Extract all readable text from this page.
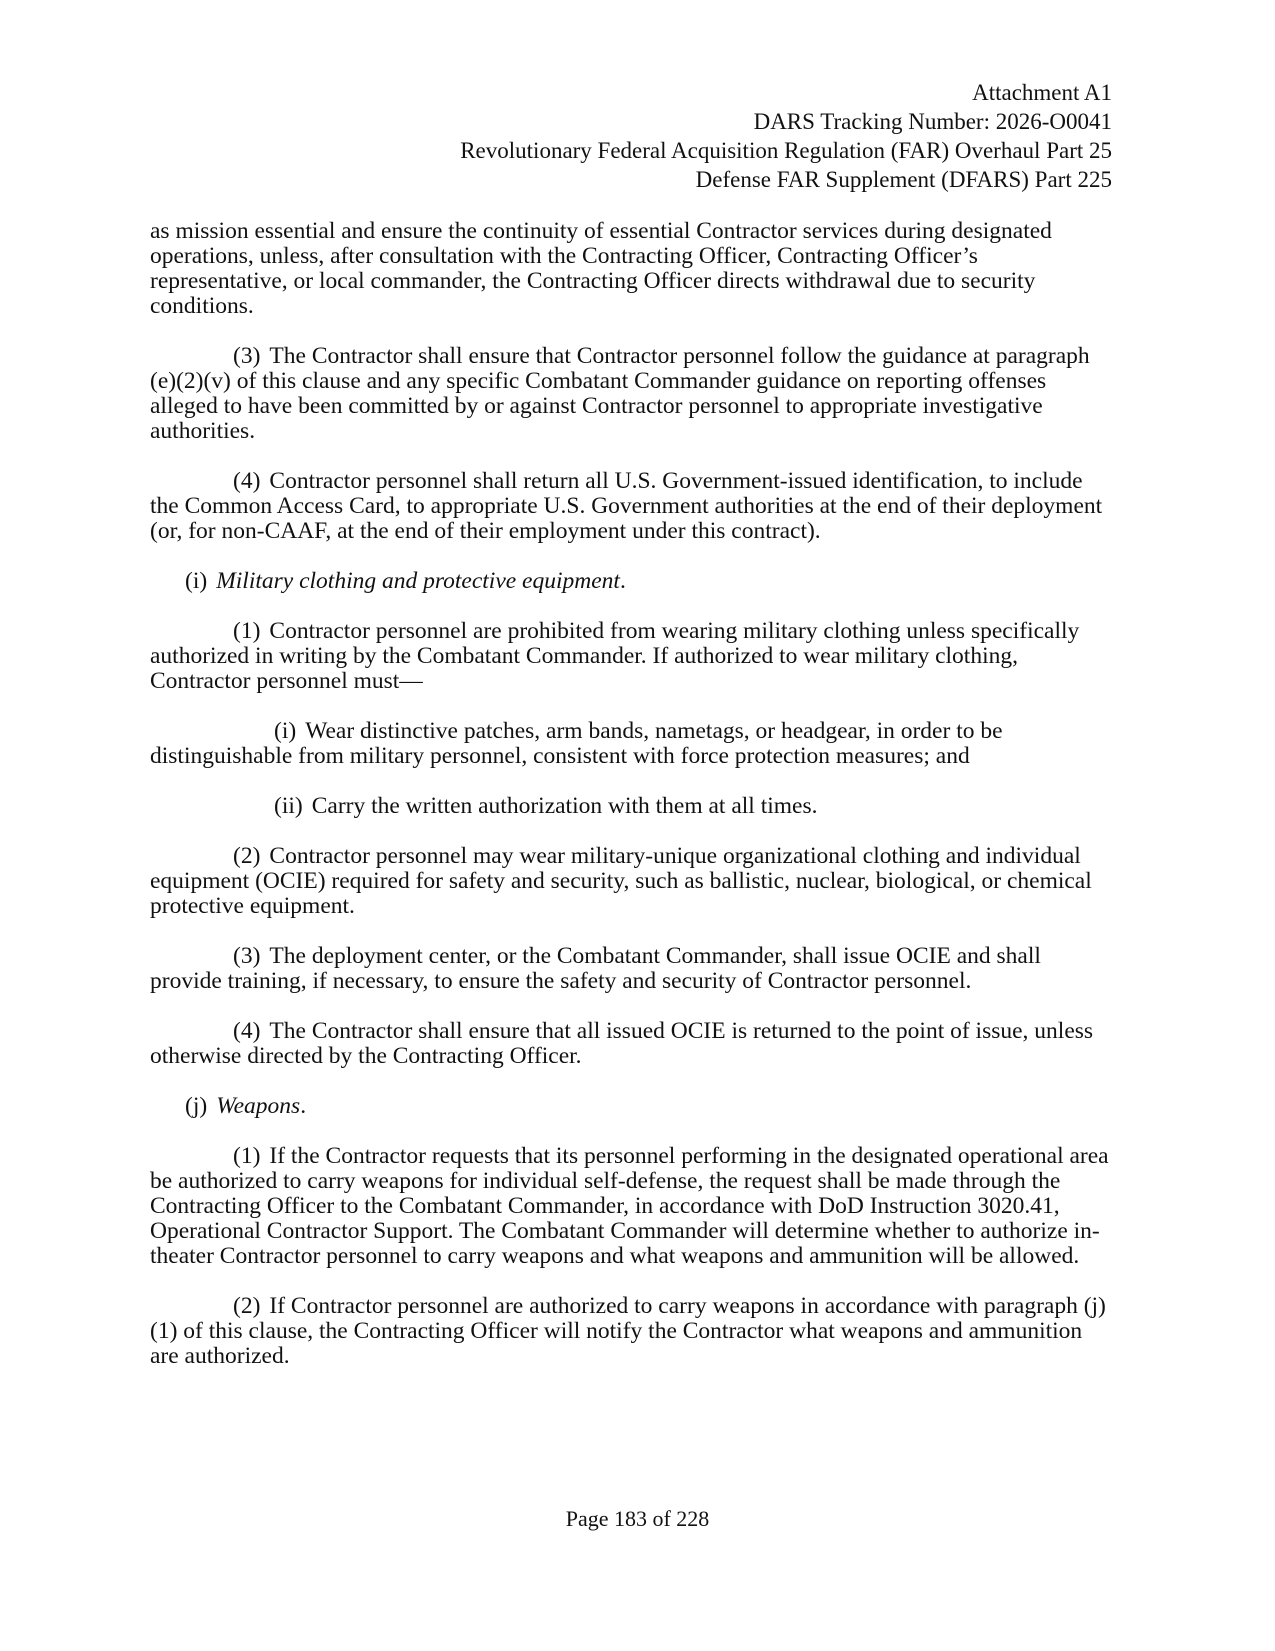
Attachment A1
DARS Tracking Number: 2026-O0041
Revolutionary Federal Acquisition Regulation (FAR) Overhaul Part 25
Defense FAR Supplement (DFARS) Part 225

as mission essential and ensure the continuity of essential Contractor services during designated operations, unless, after consultation with the Contracting Officer, Contracting Officer’s representative, or local commander, the Contracting Officer directs withdrawal due to security conditions.

(3) The Contractor shall ensure that Contractor personnel follow the guidance at paragraph (e)(2)(v) of this clause and any specific Combatant Commander guidance on reporting offenses alleged to have been committed by or against Contractor personnel to appropriate investigative authorities.

(4) Contractor personnel shall return all U.S. Government-issued identification, to include the Common Access Card, to appropriate U.S. Government authorities at the end of their deployment (or, for non-CAAF, at the end of their employment under this contract).

(i) Military clothing and protective equipment.

(1) Contractor personnel are prohibited from wearing military clothing unless specifically authorized in writing by the Combatant Commander. If authorized to wear military clothing, Contractor personnel must—

(i) Wear distinctive patches, arm bands, nametags, or headgear, in order to be distinguishable from military personnel, consistent with force protection measures; and

(ii) Carry the written authorization with them at all times.

(2) Contractor personnel may wear military-unique organizational clothing and individual equipment (OCIE) required for safety and security, such as ballistic, nuclear, biological, or chemical protective equipment.

(3) The deployment center, or the Combatant Commander, shall issue OCIE and shall provide training, if necessary, to ensure the safety and security of Contractor personnel.

(4) The Contractor shall ensure that all issued OCIE is returned to the point of issue, unless otherwise directed by the Contracting Officer.

(j) Weapons.

(1) If the Contractor requests that its personnel performing in the designated operational area be authorized to carry weapons for individual self-defense, the request shall be made through the Contracting Officer to the Combatant Commander, in accordance with DoD Instruction 3020.41, Operational Contractor Support. The Combatant Commander will determine whether to authorize in-theater Contractor personnel to carry weapons and what weapons and ammunition will be allowed.

(2) If Contractor personnel are authorized to carry weapons in accordance with paragraph (j)(1) of this clause, the Contracting Officer will notify the Contractor what weapons and ammunition are authorized.

Page 183 of 228
